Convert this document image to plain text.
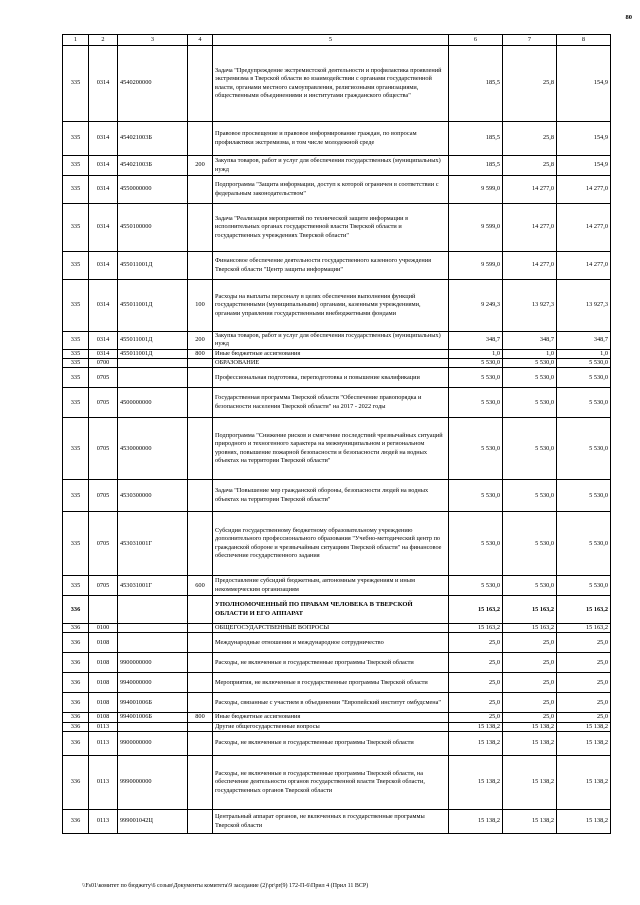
80
1	2	3	4	5	6	7	8
335	0314	4540200000		Задача "Предупреждение экстремистской деятельности и профилактика проявлений экстремизма в Тверской области во взаимодействии с органами государственной власти, органами местного самоуправления, религиозными организациями, общественными объединениями и институтами гражданского общества"	185,5	25,8	154,9
335	0314	454021003Б		Правовое просвещение и правовое информирование граждан, по вопросам профилактики экстремизма, в том числе молодежной среде	185,5	25,8	154,9
335	0314	454021003Б	200	Закупка товаров, работ и услуг для обеспечения государственных (муниципальных) нужд	185,5	25,8	154,9
335	0314	4550000000		Подпрограмма "Защита информации, доступ к которой ограничен в соответствии с федеральным законодательством"	9 599,0	14 277,0	14 277,0
335	0314	4550100000		Задача "Реализация мероприятий по технической защите информации в исполнительных органах государственной власти Тверской области и государственных учреждениях Тверской области"	9 599,0	14 277,0	14 277,0
335	0314	455011001Д		Финансовое обеспечение деятельности государственного казенного учреждения Тверской области "Центр защиты информации"	9 599,0	14 277,0	14 277,0
335	0314	455011001Д	100	Расходы на выплаты персоналу в целях обеспечения выполнения функций государственными (муниципальными) органами, казенными учреждениями, органами управления государственными внебюджетными фондами	9 249,3	13 927,3	13 927,3
335	0314	455011001Д	200	Закупка товаров, работ и услуг для обеспечения государственных (муниципальных) нужд	348,7	348,7	348,7
335	0314	455011001Д	800	Иные бюджетные ассигнования	1,0	1,0	1,0
335	0700			ОБРАЗОВАНИЕ	5 530,0	5 530,0	5 530,0
335	0705			Профессиональная подготовка, переподготовка и повышение квалификации	5 530,0	5 530,0	5 530,0
335	0705	4500000000		Государственная программа Тверской области "Обеспечение правопорядка и безопасности населения Тверской области" на 2017 - 2022 годы	5 530,0	5 530,0	5 530,0
335	0705	4530000000		Подпрограмма "Снижение рисков и смягчение последствий чрезвычайных ситуаций природного и техногенного характера на межмуниципальном и региональном уровнях, повышение пожарной безопасности и безопасности людей на водных объектах на территории Тверской области"	5 530,0	5 530,0	5 530,0
335	0705	4530300000		Задача "Повышение мер гражданской обороны, безопасности людей на водных объектах на территории Тверской области"	5 530,0	5 530,0	5 530,0
335	0705	453031001Г		Субсидия государственному бюджетному образовательному учреждению дополнительного профессионального образования "Учебно-методический центр по гражданской обороне и чрезвычайным ситуациям Тверской области" на финансовое обеспечение государственного задания	5 530,0	5 530,0	5 530,0
335	0705	453031001Г	600	Предоставление субсидий бюджетным, автономным учреждениям и иным некоммерческим организациям	5 530,0	5 530,0	5 530,0
336				УПОЛНОМОЧЕННЫЙ ПО ПРАВАМ ЧЕЛОВЕКА В ТВЕРСКОЙ ОБЛАСТИ И ЕГО АППАРАТ	15 163,2	15 163,2	15 163,2
336	0100			ОБЩЕГОСУДАРСТВЕННЫЕ ВОПРОСЫ	15 163,2	15 163,2	15 163,2
336	0108			Международные отношения и международное сотрудничество	25,0	25,0	25,0
336	0108	9900000000		Расходы, не включенные в государственные программы Тверской области	25,0	25,0	25,0
336	0108	9940000000		Мероприятия, не включенные в государственные программы Тверской области	25,0	25,0	25,0
336	0108	994001006Б		Расходы, связанные с участием в объединении "Европейский институт омбудсмена"	25,0	25,0	25,0
336	0108	994001006Б	800	Иные бюджетные ассигнования	25,0	25,0	25,0
336	0113			Другие общегосударственные вопросы	15 138,2	15 138,2	15 138,2
336	0113	9900000000		Расходы, не включенные в государственные программы Тверской области	15 138,2	15 138,2	15 138,2
336	0113	9990000000		Расходы, не включенные в государственные программы Тверской области, на обеспечение деятельности органов государственной власти Тверской области, государственных органов Тверской области	15 138,2	15 138,2	15 138,2
336	0113	999001042Ц		Центральный аппарат органов, не включенных в государственные программы Тверской области	15 138,2	15 138,2	15 138,2
\\Fs01\комитет по бюджету\6 созыв\Документы комитета\9 заседание (2)\pr\pr(9) 172-П-6\Прил 4 (Прил 11 ВСР)
